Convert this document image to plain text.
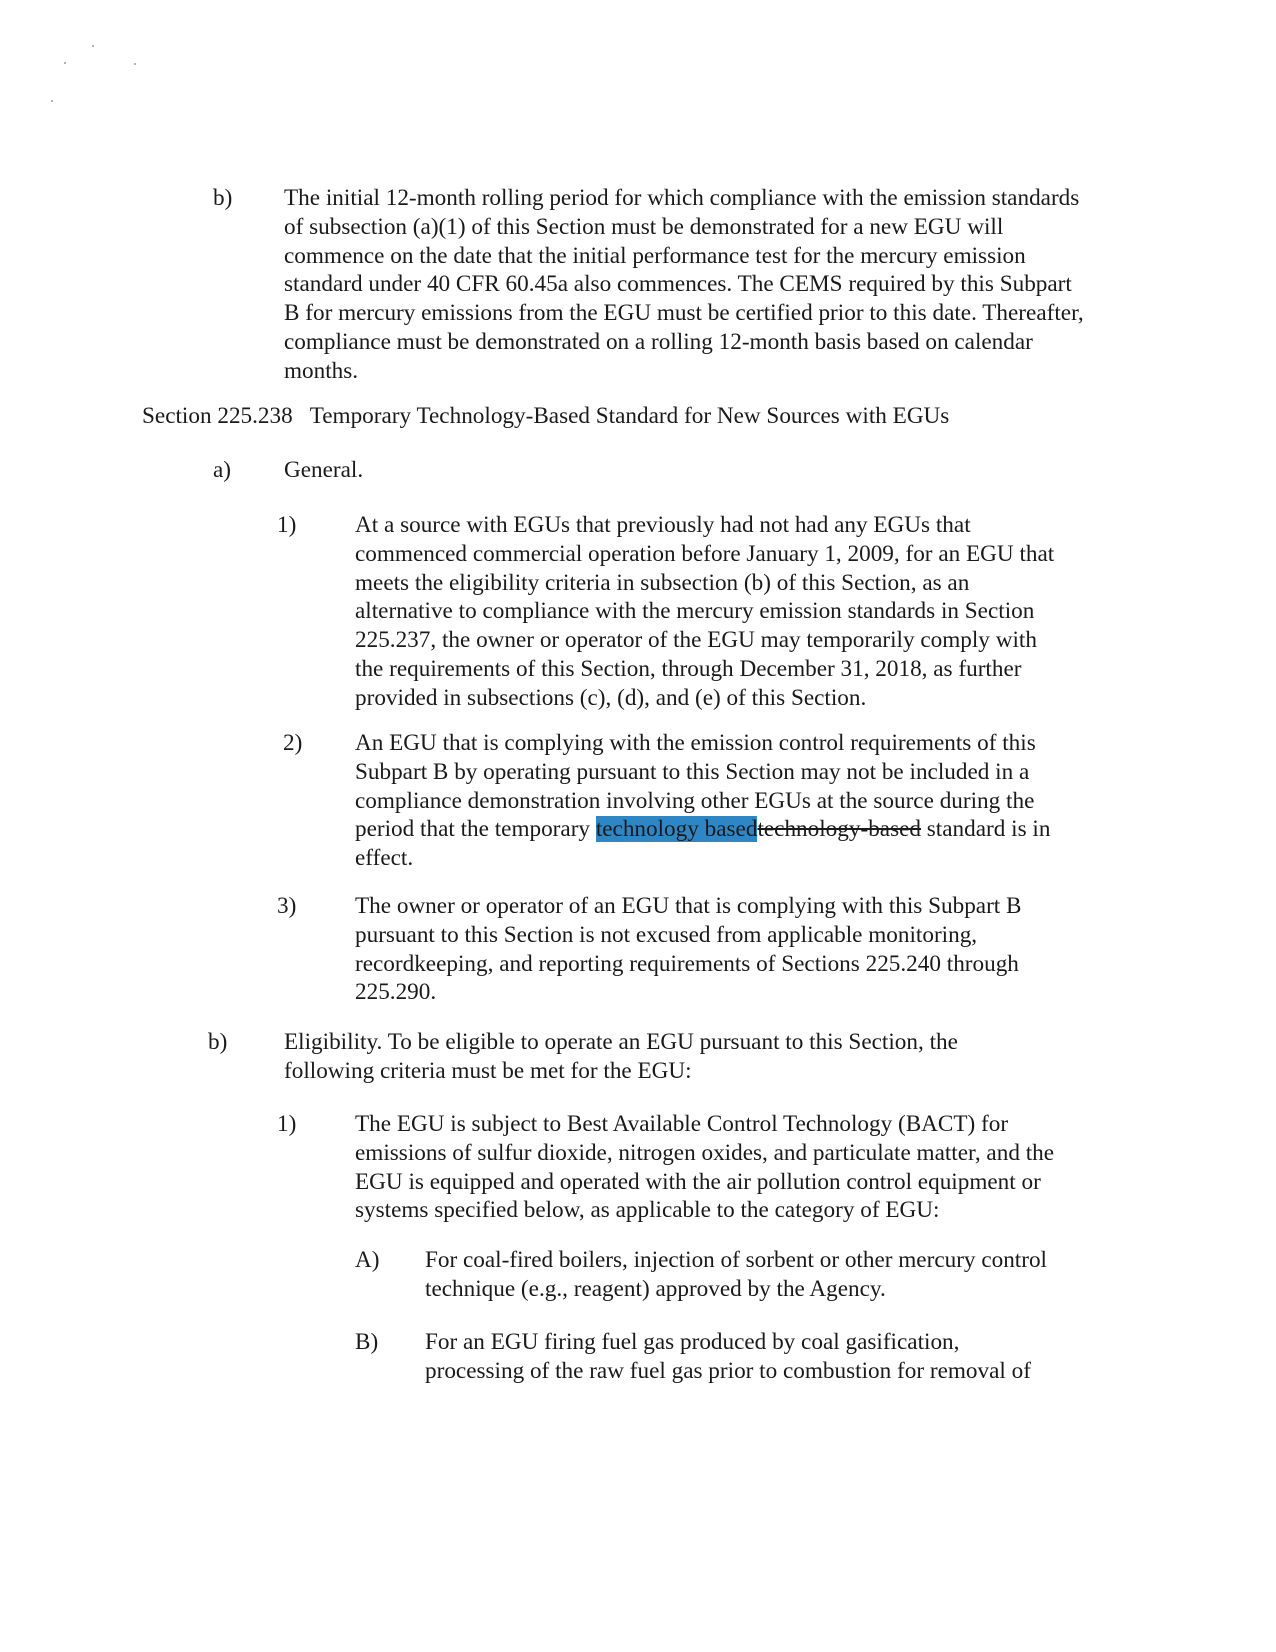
b) The initial 12-month rolling period for which compliance with the emission standards of subsection (a)(1) of this Section must be demonstrated for a new EGU will commence on the date that the initial performance test for the mercury emission standard under 40 CFR 60.45a also commences. The CEMS required by this Subpart B for mercury emissions from the EGU must be certified prior to this date. Thereafter, compliance must be demonstrated on a rolling 12-month basis based on calendar months.
Section 225.238 Temporary Technology-Based Standard for New Sources with EGUs
a) General.
1)	At a source with EGUs that previously had not had any EGUs that commenced commercial operation before January 1, 2009, for an EGU that meets the eligibility criteria in subsection (b) of this Section, as an alternative to compliance with the mercury emission standards in Section 225.237, the owner or operator of the EGU may temporarily comply with the requirements of this Section, through December 31, 2018, as further provided in subsections (c), (d), and (e) of this Section.
2) An EGU that is complying with the emission control requirements of this Subpart B by operating pursuant to this Section may not be included in a compliance demonstration involving other EGUs at the source during the period that the temporary technology basedtechnology-based standard is in effect.
3)	The owner or operator of an EGU that is complying with this Subpart B pursuant to this Section is not excused from applicable monitoring, recordkeeping, and reporting requirements of Sections 225.240 through 225.290.
b) Eligibility. To be eligible to operate an EGU pursuant to this Section, the following criteria must be met for the EGU:
1)	The EGU is subject to Best Available Control Technology (BACT) for emissions of sulfur dioxide, nitrogen oxides, and particulate matter, and the EGU is equipped and operated with the air pollution control equipment or systems specified below, as applicable to the category of EGU:
A) For coal-fired boilers, injection of sorbent or other mercury control technique (e.g., reagent) approved by the Agency.
B) For an EGU firing fuel gas produced by coal gasification, processing of the raw fuel gas prior to combustion for removal of
